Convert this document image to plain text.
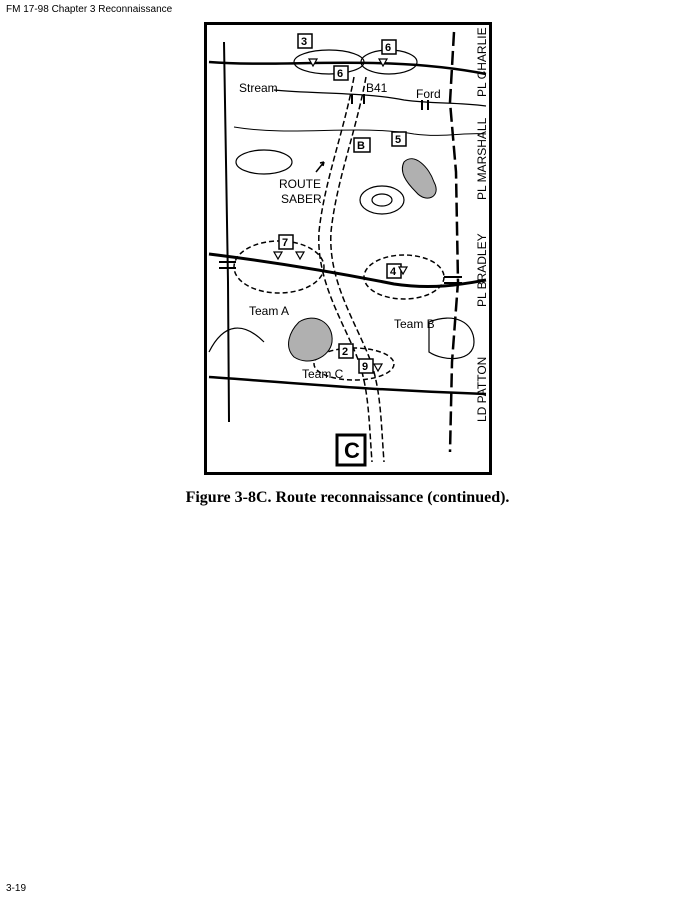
FM 17-98 Chapter 3 Reconnaissance
3	6
6
B	5
7
4
2
9
Stream	Ford
B41
ROUTE
SABER
Team A
Team B
Team C
PL CHARLIE
PL MARSHALL
PL BRADLEY
LD PATTON
C
Figure 3-8C. Route reconnaissance (continued).
3-19
